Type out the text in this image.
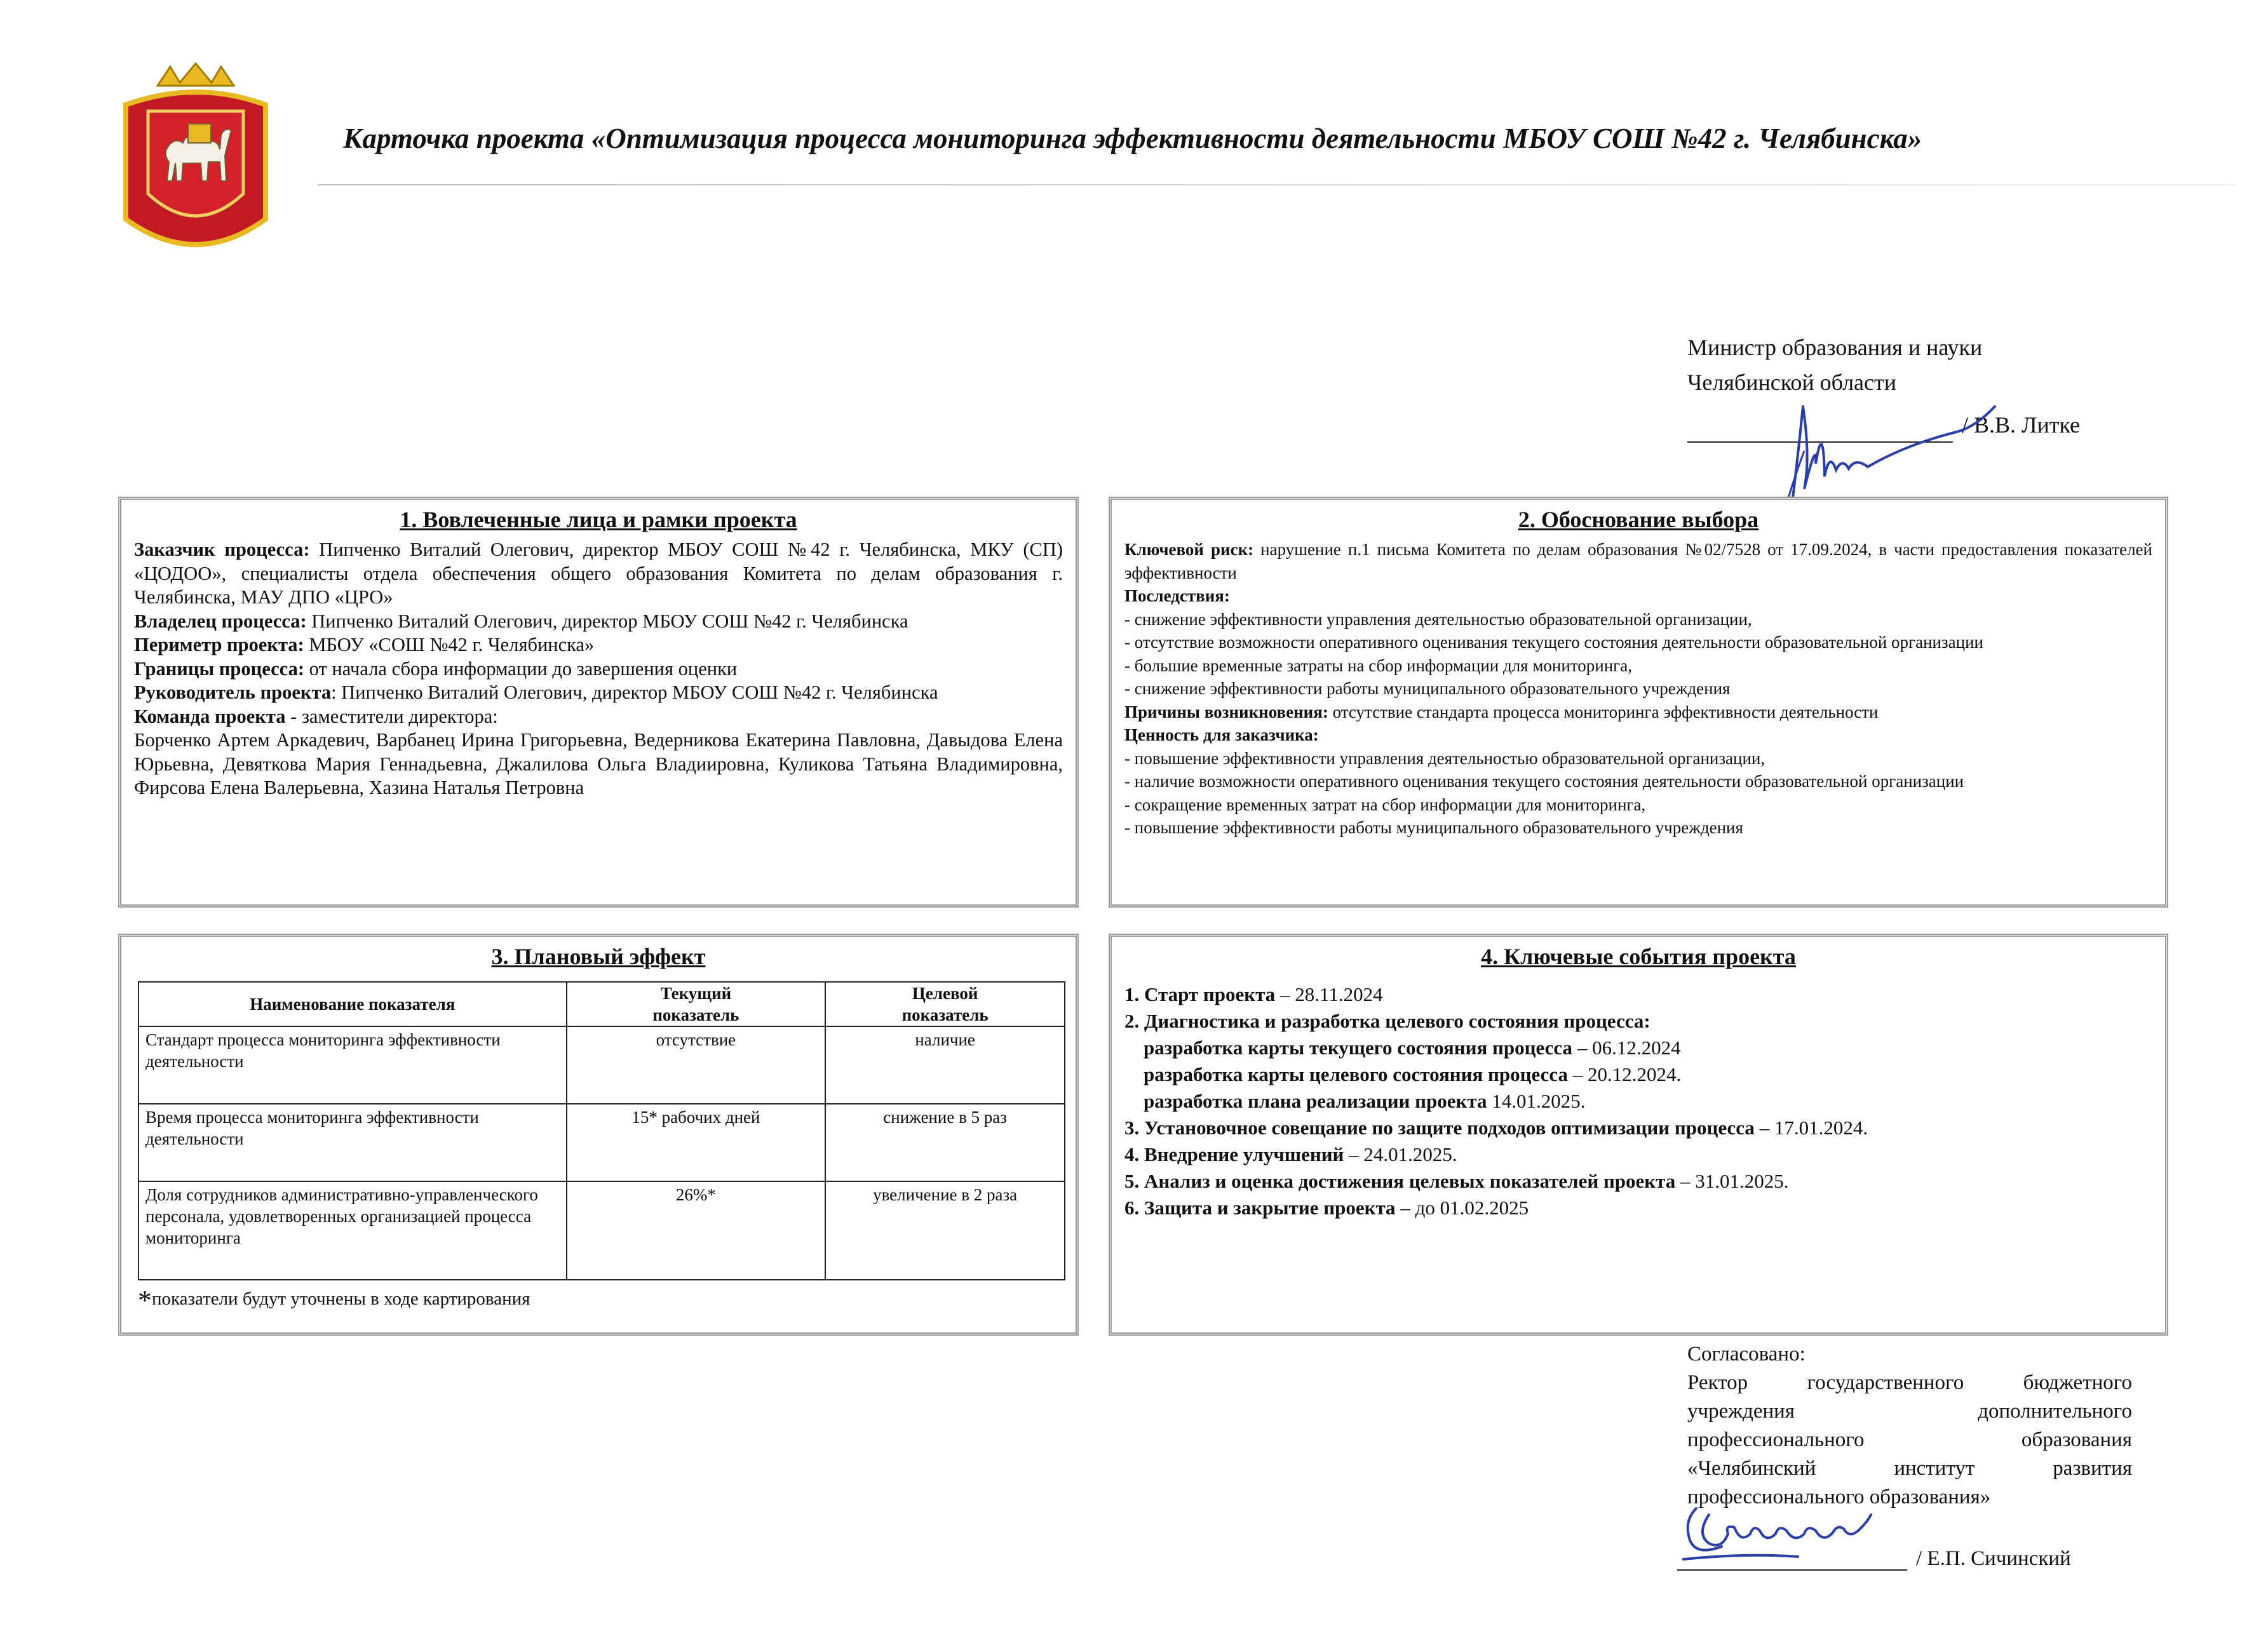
Карточка проекта «Оптимизация процесса мониторинга эффективности деятельности МБОУ СОШ №42 г. Челябинска»
Министр образования и науки
Челябинской области
/ В.В. Литке
1. Вовлеченные лица и рамки проекта
Заказчик процесса: Пипченко Виталий Олегович, директор МБОУ СОШ №42 г. Челябинска, МКУ (СП) «ЦОДОО», специалисты отдела обеспечения общего образования Комитета по делам образования г. Челябинска, МАУ ДПО «ЦРО»
Владелец процесса: Пипченко Виталий Олегович, директор МБОУ СОШ №42 г. Челябинска
Периметр проекта: МБОУ «СОШ №42 г. Челябинска»
Границы процесса: от начала сбора информации до завершения оценки
Руководитель проекта: Пипченко Виталий Олегович, директор МБОУ СОШ №42 г. Челябинска
Команда проекта - заместители директора:
Борченко Артем Аркадевич, Варбанец Ирина Григорьевна, Ведерникова Екатерина Павловна, Давыдова Елена Юрьевна, Девяткова Мария Геннадьевна, Джалилова Ольга Владиировна, Куликова Татьяна Владимировна, Фирсова Елена Валерьевна, Хазина Наталья Петровна
2. Обоснование выбора
Ключевой риск: нарушение п.1 письма Комитета по делам образования №02/7528 от 17.09.2024, в части предоставления показателей эффективности
Последствия:
- снижение эффективности управления деятельностью образовательной организации,
- отсутствие возможности оперативного оценивания текущего состояния деятельности образовательной организации
- большие временные затраты на сбор информации для мониторинга,
- снижение эффективности работы муниципального образовательного учреждения
Причины возникновения: отсутствие стандарта процесса мониторинга эффективности деятельности
Ценность для заказчика:
- повышение эффективности управления деятельностью образовательной организации,
- наличие возможности оперативного оценивания текущего состояния деятельности образовательной организации
- сокращение временных затрат на сбор информации для мониторинга,
- повышение эффективности работы муниципального образовательного учреждения
3. Плановый эффект
Наименование показателя	Текущий показатель	Целевой показатель
Стандарт процесса мониторинга эффективности деятельности	отсутствие	наличие
Время процесса мониторинга эффективности деятельности	15* рабочих дней	снижение в 5 раз
Доля сотрудников административно-управленческого персонала, удовлетворенных организацией процесса мониторинга	26%*	увеличение в 2 раза
*показатели будут уточнены в ходе картирования
4. Ключевые события проекта
1. Старт проекта – 28.11.2024
2. Диагностика и разработка целевого состояния процесса:
разработка карты текущего состояния процесса – 06.12.2024
разработка карты целевого состояния процесса – 20.12.2024.
разработка плана реализации проекта 14.01.2025.
3. Установочное совещание по защите подходов оптимизации процесса – 17.01.2024.
4. Внедрение улучшений – 24.01.2025.
5. Анализ и оценка достижения целевых показателей проекта – 31.01.2025.
6. Защита и закрытие проекта – до 01.02.2025
Согласовано:
Ректор государственного бюджетного
учреждения дополнительного
профессионального образования
«Челябинский институт развития
профессионального образования»
/ Е.П. Сичинский
